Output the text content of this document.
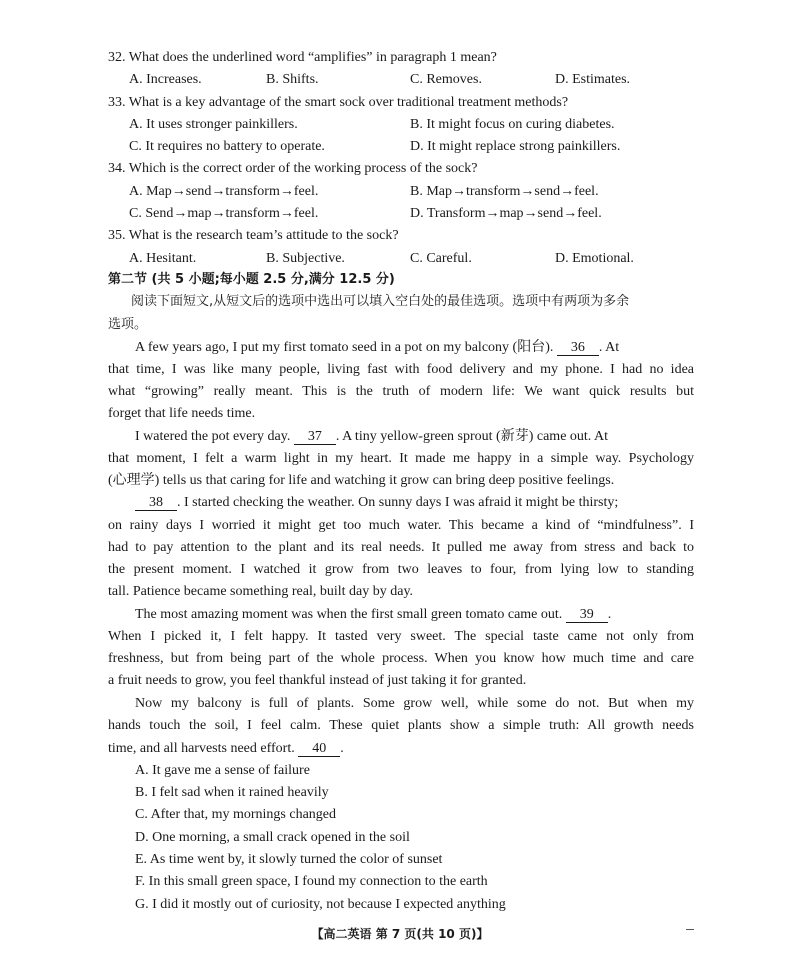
32. What does the underlined word “amplifies” in paragraph 1 mean?
A. Increases.	B. Shifts.	C. Removes.	D. Estimates.
33. What is a key advantage of the smart sock over traditional treatment methods?
A. It uses stronger painkillers.	B. It might focus on curing diabetes.
C. It requires no battery to operate.	D. It might replace strong painkillers.
34. Which is the correct order of the working process of the sock?
A. Map→send→transform→feel.	B. Map→transform→send→feel.
C. Send→map→transform→feel.	D. Transform→map→send→feel.
35. What is the research team’s attitude to the sock?
A. Hesitant.	B. Subjective.	C. Careful.	D. Emotional.
第二节 (共 5 小题;每小题 2.5 分,满分 12.5 分)
阅读下面短文,从短文后的选项中选出可以填入空白处的最佳选项。选项中有两项为多余
选项。
A few years ago, I put my first tomato seed in a pot on my balcony (阳台). 36 . At
that time, I was like many people, living fast with food delivery and my phone. I had no idea
what “growing” really meant. This is the truth of modern life: We want quick results but
forget that life needs time.
I watered the pot every day. 37 . A tiny yellow-green sprout (新芽) came out. At
that moment, I felt a warm light in my heart. It made me happy in a simple way. Psychology
(心理学) tells us that caring for life and watching it grow can bring deep positive feelings.
38 . I started checking the weather. On sunny days I was afraid it might be thirsty;
on rainy days I worried it might get too much water. This became a kind of “mindfulness”. I
had to pay attention to the plant and its real needs. It pulled me away from stress and back to
the present moment. I watched it grow from two leaves to four, from lying low to standing
tall. Patience became something real, built day by day.
The most amazing moment was when the first small green tomato came out. 39 .
When I picked it, I felt happy. It tasted very sweet. The special taste came not only from
freshness, but from being part of the whole process. When you know how much time and care
a fruit needs to grow, you feel thankful instead of just taking it for granted.
Now my balcony is full of plants. Some grow well, while some do not. But when my
hands touch the soil, I feel calm. These quiet plants show a simple truth: All growth needs
time, and all harvests need effort. 40 .
A. It gave me a sense of failure
B. I felt sad when it rained heavily
C. After that, my mornings changed
D. One morning, a small crack opened in the soil
E. As time went by, it slowly turned the color of sunset
F. In this small green space, I found my connection to the earth
G. I did it mostly out of curiosity, not because I expected anything
【高二英语 第 7 页(共 10 页)】
